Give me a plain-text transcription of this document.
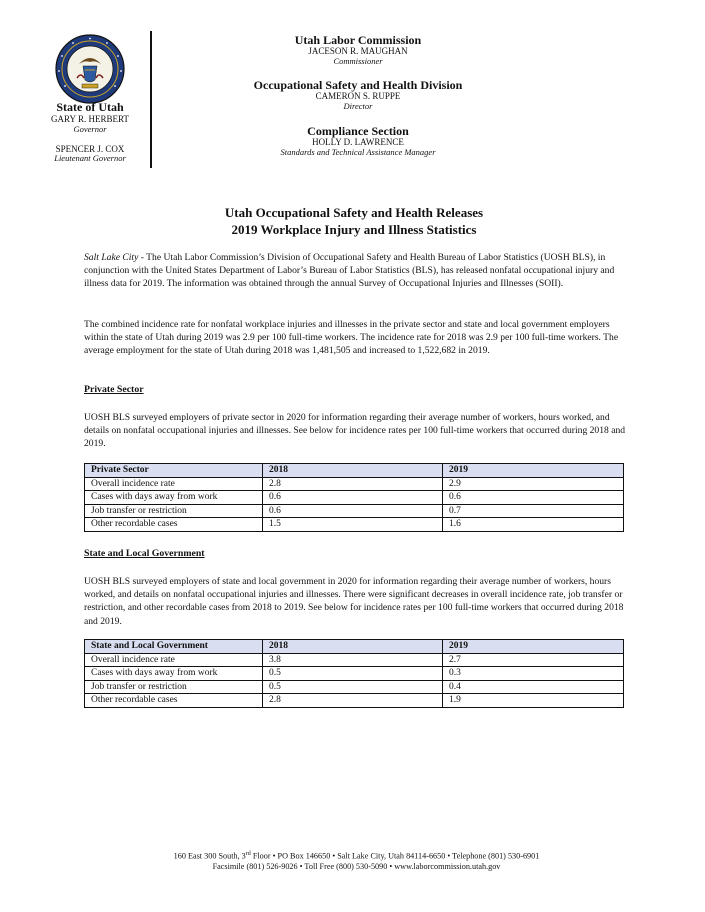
State of Utah
GARY R. HERBERT
Governor
SPENCER J. COX
Lieutenant Governor
Utah Labor Commission
JACESON R. MAUGHAN
Commissioner
Occupational Safety and Health Division
CAMERON S. RUPPE
Director
Compliance Section
HOLLY D. LAWRENCE
Standards and Technical Assistance Manager
Utah Occupational Safety and Health Releases
2019 Workplace Injury and Illness Statistics

Salt Lake City - The Utah Labor Commission’s Division of Occupational Safety and Health Bureau of Labor Statistics (UOSH BLS), in conjunction with the United States Department of Labor’s Bureau of Labor Statistics (BLS), has released nonfatal occupational injury and illness data for 2019. The information was obtained through the annual Survey of Occupational Injuries and Illnesses (SOII).

The combined incidence rate for nonfatal workplace injuries and illnesses in the private sector and state and local government employers within the state of Utah during 2019 was 2.9 per 100 full-time workers. The incidence rate for 2018 was 2.9 per 100 full-time workers. The average employment for the state of Utah during 2018 was 1,481,505 and increased to 1,522,682 in 2019.

Private Sector

UOSH BLS surveyed employers of private sector in 2020 for information regarding their average number of workers, hours worked, and details on nonfatal occupational injuries and illnesses. See below for incidence rates per 100 full-time workers that occurred during 2018 and 2019.

Private Sector	2018	2019
Overall incidence rate	2.8	2.9
Cases with days away from work	0.6	0.6
Job transfer or restriction	0.6	0.7
Other recordable cases	1.5	1.6
State and Local Government

UOSH BLS surveyed employers of state and local government in 2020 for information regarding their average number of workers, hours worked, and details on nonfatal occupational injuries and illnesses. There were significant decreases in overall incidence rate, job transfer or restriction, and other recordable cases from 2018 to 2019. See below for incidence rates per 100 full-time workers that occurred during 2018 and 2019.

State and Local Government	2018	2019
Overall incidence rate	3.8	2.7
Cases with days away from work	0.5	0.3
Job transfer or restriction	0.5	0.4
Other recordable cases	2.8	1.9
160 East 300 South, 3rd Floor • PO Box 146650 • Salt Lake City, Utah 84114-6650 • Telephone (801) 530-6901
Facsimile (801) 526-9026 • Toll Free (800) 530-5090 • www.laborcommission.utah.gov
